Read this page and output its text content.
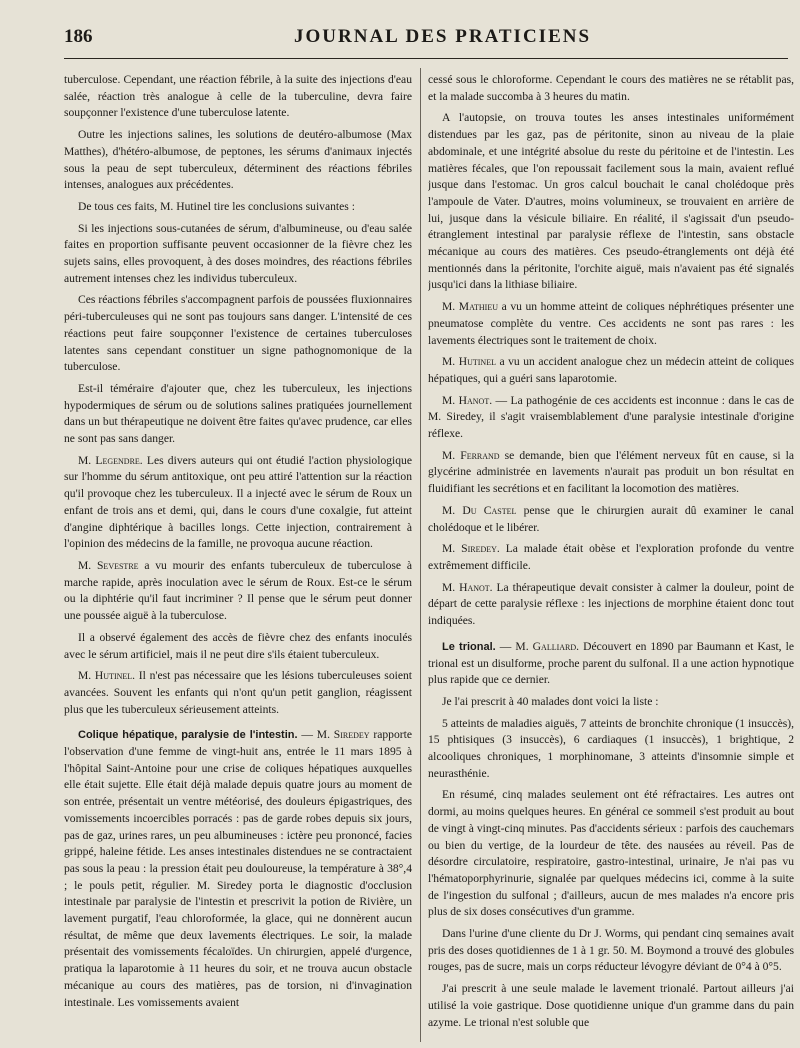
186	JOURNAL DES PRATICIENS

tuberculose. Cependant, une réaction fébrile, à la suite des injections d'eau salée, réaction très analogue à celle de la tuberculine, devra faire soupçonner l'existence d'une tuberculose latente.

Outre les injections salines, les solutions de deutéro-albumose (Max Matthes), d'hétéro-albumose, de peptones, les sérums d'animaux injectés sous la peau de sept tuberculeux, déterminent des réactions fébriles intenses, analogues aux précédentes.

De tous ces faits, M. Hutinel tire les conclusions suivantes :

Si les injections sous-cutanées de sérum, d'albumineuse, ou d'eau salée faites en proportion suffisante peuvent occasionner de la fièvre chez les sujets sains, elles provoquent, à des doses moindres, des réactions fébriles autrement intenses chez les individus tuberculeux.

Ces réactions fébriles s'accompagnent parfois de poussées fluxionnaires péri-tuberculeuses qui ne sont pas toujours sans danger. L'intensité de ces réactions peut faire soupçonner l'existence de certaines tuberculoses latentes sans cependant constituer un signe pathognomonique de la tuberculose.

Est-il téméraire d'ajouter que, chez les tuberculeux, les injections hypodermiques de sérum ou de solutions salines pratiquées journellement dans un but thérapeutique ne doivent être faites qu'avec prudence, car elles ne sont pas sans danger.

M. Legendre. Les divers auteurs qui ont étudié l'action physiologique sur l'homme du sérum antitoxique, ont peu attiré l'attention sur la réaction qu'il provoque chez les tuberculeux. Il a injecté avec le sérum de Roux un enfant de trois ans et demi, qui, dans le cours d'une coxalgie, fut atteint d'angine diphtérique à bacilles longs. Cette injection, contrairement à l'opinion des médecins de la famille, ne provoqua aucune réaction.

M. Sevestre a vu mourir des enfants tuberculeux de tuberculose à marche rapide, après inoculation avec le sérum de Roux. Est-ce le sérum ou la diphtérie qu'il faut incriminer ? Il pense que le sérum peut donner une poussée aiguë à la tuberculose.

Il a observé également des accès de fièvre chez des enfants inoculés avec le sérum artificiel, mais il ne peut dire s'ils étaient tuberculeux.

M. Hutinel. Il n'est pas nécessaire que les lésions tuberculeuses soient avancées. Souvent les enfants qui n'ont qu'un petit ganglion, réagissent plus que les tuberculeux sérieusement atteints.

Colique hépatique, paralysie de l'intestin. — M. Siredey rapporte l'observation d'une femme de vingt-huit ans, entrée le 11 mars 1895 à l'hôpital Saint-Antoine pour une crise de coliques hépatiques auxquelles elle était sujette. Elle était déjà malade depuis quatre jours au moment de son entrée, présentait un ventre météorisé, des douleurs épigastriques, des vomissements incoercibles porracés : pas de garde robes depuis six jours, pas de gaz, urines rares, un peu albumineuses : ictère peu prononcé, facies grippé, haleine fétide. Les anses intestinales distendues ne se contractaient pas sous la peau : la pression était peu douloureuse, la température à 38°,4 ; le pouls petit, régulier. M. Siredey porta le diagnostic d'occlusion intestinale par paralysie de l'intestin et prescrivit la potion de Rivière, un lavement purgatif, l'eau chloroformée, la glace, qui ne donnèrent aucun résultat, de même que deux lavements électriques. Le soir, la malade présentait des vomissements fécaloïdes. Un chirurgien, appelé d'urgence, pratiqua la laparotomie à 11 heures du soir, et ne trouva aucun obstacle mécanique au cours des matières, pas de torsion, ni d'invagination intestinale. Les vomissements avaient

cessé sous le chloroforme. Cependant le cours des matières ne se rétablit pas, et la malade succomba à 3 heures du matin.

A l'autopsie, on trouva toutes les anses intestinales uniformément distendues par les gaz, pas de péritonite, sinon au niveau de la plaie abdominale, et une intégrité absolue du reste du péritoine et de l'intestin. Les matières fécales, que l'on repoussait facilement sous la main, avaient reflué jusque dans l'estomac. Un gros calcul bouchait le canal cholédoque près l'ampoule de Vater. D'autres, moins volumineux, se trouvaient en arrière de lui, jusque dans la vésicule biliaire. En réalité, il s'agissait d'un pseudo-étranglement intestinal par paralysie réflexe de l'intestin, sans obstacle mécanique au cours des matières. Ces pseudo-étranglements ont déjà été mentionnés dans la péritonite, l'orchite aiguë, mais n'avaient pas été signalés jusqu'ici dans la lithiase biliaire.

M. Mathieu a vu un homme atteint de coliques néphrétiques présenter une pneumatose complète du ventre. Ces accidents ne sont pas rares : les lavements électriques sont le traitement de choix.

M. Hutinel a vu un accident analogue chez un médecin atteint de coliques hépatiques, qui a guéri sans laparotomie.

M. Hanot. — La pathogénie de ces accidents est inconnue : dans le cas de M. Siredey, il s'agit vraisemblablement d'une paralysie intestinale d'origine réflexe.

M. Ferrand se demande, bien que l'élément nerveux fût en cause, si la glycérine administrée en lavements n'aurait pas produit un bon résultat en fluidifiant les secrétions et en facilitant la locomotion des matières.

M. Du Castel pense que le chirurgien aurait dû examiner le canal cholédoque et le libérer.

M. Siredey. La malade était obèse et l'exploration profonde du ventre extrêmement difficile.

M. Hanot. La thérapeutique devait consister à calmer la douleur, point de départ de cette paralysie réflexe : les injections de morphine étaient donc tout indiquées.

Le trional. — M. Galliard. Découvert en 1890 par Baumann et Kast, le trional est un disulforme, proche parent du sulfonal. Il a une action hypnotique plus rapide que ce dernier.

Je l'ai prescrit à 40 malades dont voici la liste :

5 atteints de maladies aiguës, 7 atteints de bronchite chronique (1 insuccès), 15 phtisiques (3 insuccès), 6 cardiaques (1 insuccès), 1 brightique, 2 alcooliques chroniques, 1 morphinomane, 3 atteints d'insomnie simple et neurasthénie.

En résumé, cinq malades seulement ont été réfractaires. Les autres ont dormi, au moins quelques heures. En général ce sommeil s'est produit au bout de vingt à vingt-cinq minutes. Pas d'accidents sérieux : parfois des cauchemars ou bien du vertige, de la lourdeur de tête. des nausées au réveil. Pas de désordre circulatoire, respiratoire, gastro-intestinal, urinaire, Je n'ai pas vu l'hématoporphyrinurie, signalée par quelques médecins ici, comme à la suite de l'ingestion du sulfonal ; d'ailleurs, aucun de mes malades n'a encore pris plus de six doses consécutives d'un gramme.

Dans l'urine d'une cliente du Dr J. Worms, qui pendant cinq semaines avait pris des doses quotidiennes de 1 à 1 gr. 50. M. Boymond a trouvé des globules rouges, pas de sucre, mais un corps réducteur lévogyre déviant de 0°4 à 0°5.

J'ai prescrit à une seule malade le lavement trionalé. Partout ailleurs j'ai utilisé la voie gastrique. Dose quotidienne unique d'un gramme dans du pain azyme. Le trional n'est soluble que
